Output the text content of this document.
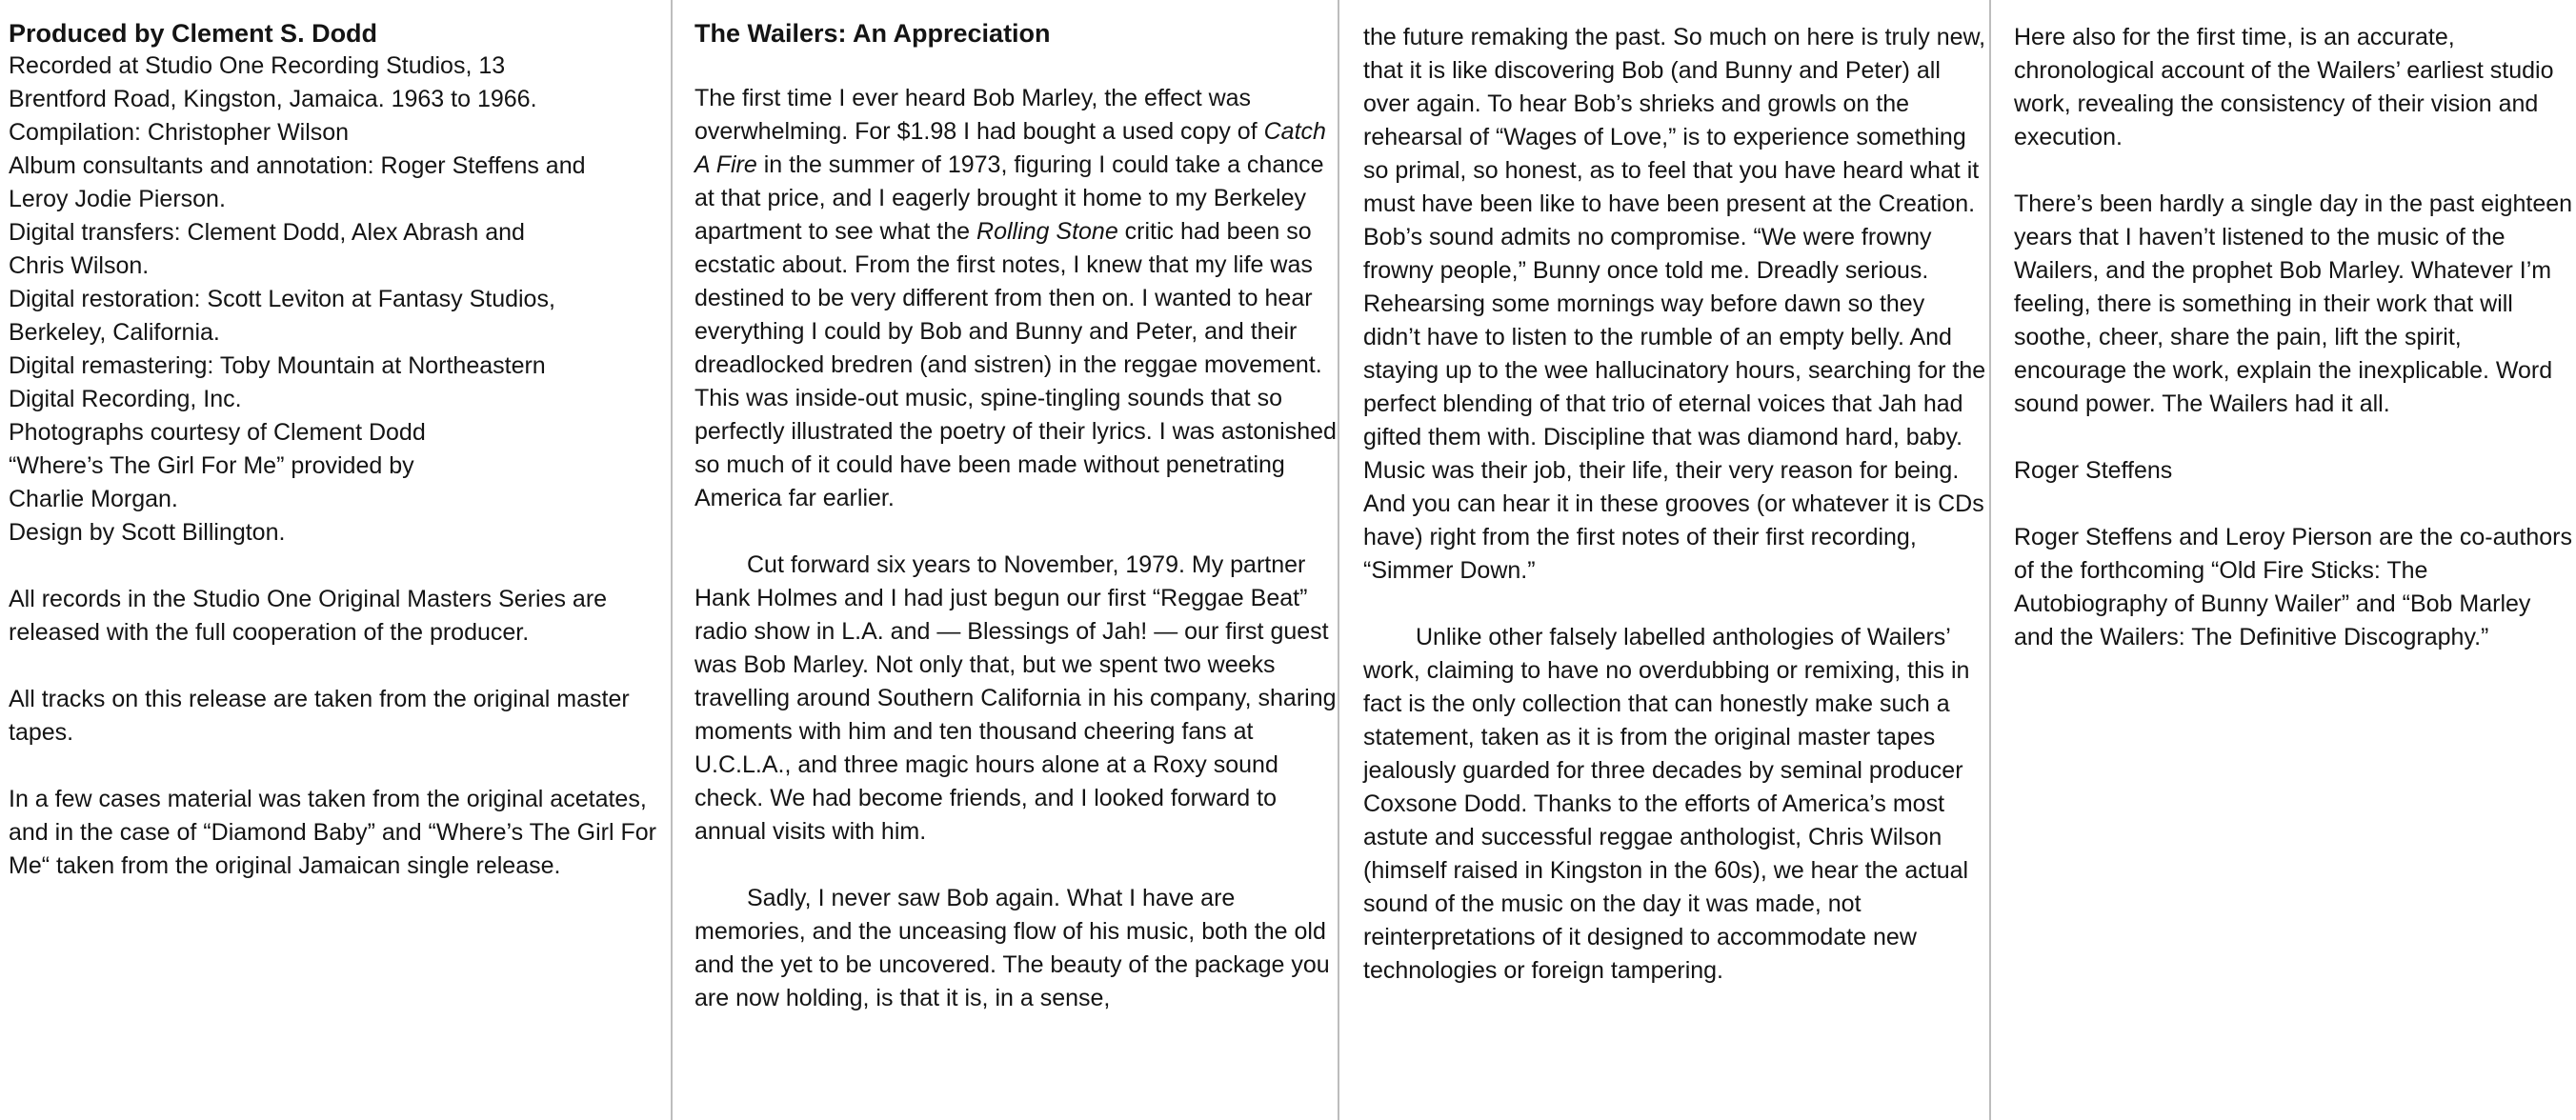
Produced by Clement S. Dodd

Recorded at Studio One Recording Studios, 13

Brentford Road, Kingston, Jamaica. 1963 to 1966.

Compilation: Christopher Wilson

Album consultants and annotation: Roger Steffens and

Leroy Jodie Pierson.

Digital transfers: Clement Dodd, Alex Abrash and

Chris Wilson.

Digital restoration: Scott Leviton at Fantasy Studios,

Berkeley, California.

Digital remastering: Toby Mountain at Northeastern

Digital Recording, Inc.

Photographs courtesy of Clement Dodd

“Where’s The Girl For Me” provided by

Charlie Morgan.

Design by Scott Billington.

All records in the Studio One Original Masters Series are released with the full cooperation of the producer.

All tracks on this release are taken from the original master tapes.

In a few cases material was taken from the original acetates, and in the case of “Diamond Baby” and “Where’s The Girl For Me“ taken from the original Jamaican single release.

The Wailers: An Appreciation

The first time I ever heard Bob Marley, the effect was overwhelming. For $1.98 I had bought a used copy of Catch A Fire in the summer of 1973, figuring I could take a chance at that price, and I eagerly brought it home to my Berkeley apartment to see what the Rolling Stone critic had been so ecstatic about. From the first notes, I knew that my life was destined to be very different from then on. I wanted to hear everything I could by Bob and Bunny and Peter, and their dreadlocked bredren (and sistren) in the reggae movement. This was inside-out music, spine-tingling sounds that so perfectly illustrated the poetry of their lyrics. I was astonished so much of it could have been made without penetrating America far earlier.

Cut forward six years to November, 1979. My partner Hank Holmes and I had just begun our first “Reggae Beat” radio show in L.A. and — Blessings of Jah! — our first guest was Bob Marley. Not only that, but we spent two weeks travelling around Southern California in his company, sharing moments with him and ten thousand cheering fans at U.C.L.A., and three magic hours alone at a Roxy sound check. We had become friends, and I looked forward to annual visits with him.

Sadly, I never saw Bob again. What I have are memories, and the unceasing flow of his music, both the old and the yet to be uncovered. The beauty of the package you are now holding, is that it is, in a sense,

the future remaking the past. So much on here is truly new, that it is like discovering Bob (and Bunny and Peter) all over again. To hear Bob’s shrieks and growls on the rehearsal of “Wages of Love,” is to experience something so primal, so honest, as to feel that you have heard what it must have been like to have been present at the Creation. Bob’s sound admits no compromise. “We were frowny frowny people,” Bunny once told me. Dreadly serious. Rehearsing some mornings way before dawn so they didn’t have to listen to the rumble of an empty belly. And staying up to the wee hallucinatory hours, searching for the perfect blending of that trio of eternal voices that Jah had gifted them with. Discipline that was diamond hard, baby. Music was their job, their life, their very reason for being. And you can hear it in these grooves (or whatever it is CDs have) right from the first notes of their first recording, “Simmer Down.”

Unlike other falsely labelled anthologies of Wailers’ work, claiming to have no overdubbing or remixing, this in fact is the only collection that can honestly make such a statement, taken as it is from the original master tapes jealously guarded for three decades by seminal producer Coxsone Dodd. Thanks to the efforts of America’s most astute and successful reggae anthologist, Chris Wilson (himself raised in Kingston in the 60s), we hear the actual sound of the music on the day it was made, not reinterpretations of it designed to accommodate new technologies or foreign tampering.

Here also for the first time, is an accurate, chronological account of the Wailers’ earliest studio work, revealing the consistency of their vision and execution.

There’s been hardly a single day in the past eighteen years that I haven’t listened to the music of the Wailers, and the prophet Bob Marley. Whatever I’m feeling, there is something in their work that will soothe, cheer, share the pain, lift the spirit, encourage the work, explain the inexplicable. Word sound power. The Wailers had it all.

Roger Steffens

Roger Steffens and Leroy Pierson are the co-authors of the forthcoming “Old Fire Sticks: The Autobiography of Bunny Wailer” and “Bob Marley and the Wailers: The Definitive Discography.”
